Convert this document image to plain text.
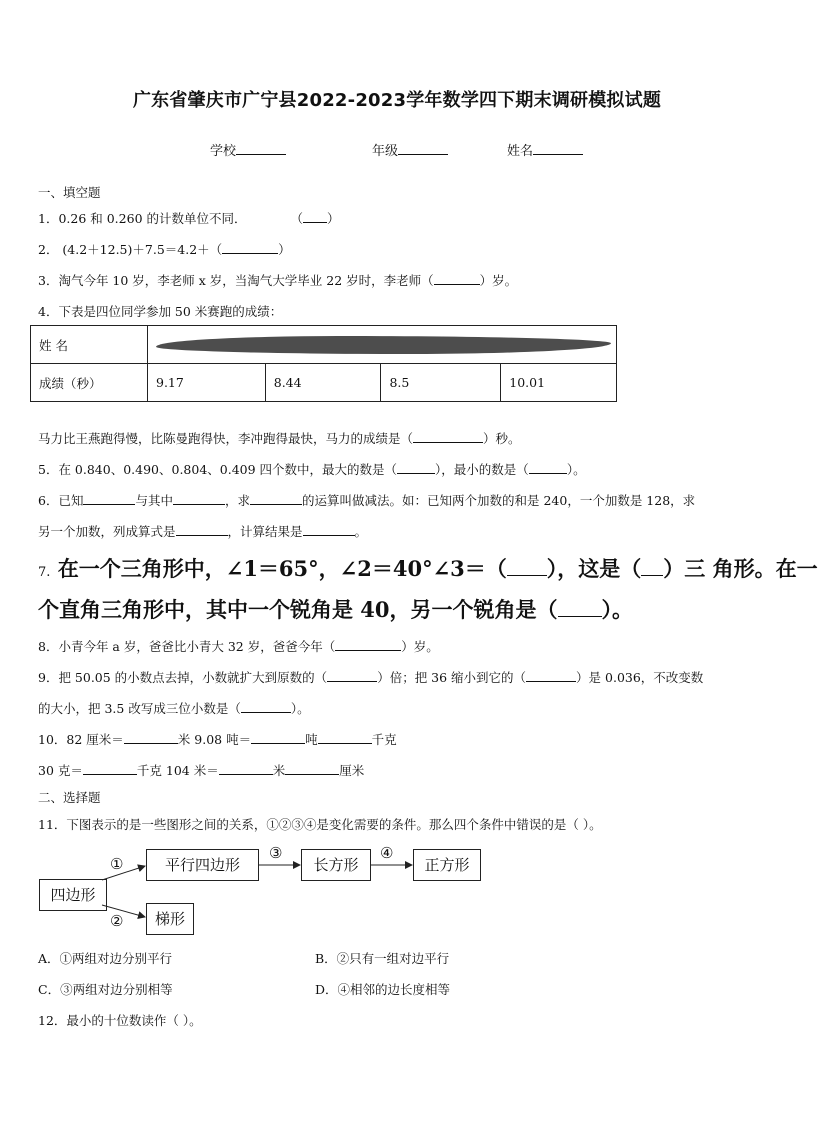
广东省肇庆市广宁县2022-2023学年数学四下期末调研模拟试题
学校	年级	姓名
一、填空题
1．0.26 和 0.260 的计数单位不同．	（ ）
2． (4.2＋12.5)＋7.5＝4.2＋（	）
3．淘气今年 10 岁，李老师 x 岁，当淘气大学毕业 22 岁时，李老师（	）岁。
4．下表是四位同学参加 50 米赛跑的成绩：
姓 名				

成绩（秒）	9.17	8.44	8.5	10.01
马力比王燕跑得慢，比陈曼跑得快，李冲跑得最快，马力的成绩是（	）秒。
5．在 0.840、0.490、0.804、0.409 四个数中，最大的数是（	），最小的数是（	）。
6．已知	与其中	，求	的运算叫做减法。如：已知两个加数的和是 240，一个加数是 128，求
另一个加数，列成算式是	，计算结果是	。
7. 在一个三角形中，∠1＝65°，∠2＝40°∠3＝（ ），这是（ ）三 角形。在一
个直角三角形中，其中一个锐角是 40，另一个锐角是（ ）。
8．小青今年 a 岁，爸爸比小青大 32 岁，爸爸今年（	）岁。
9．把 50.05 的小数点去掉，小数就扩大到原数的（	）倍；把 36 缩小到它的（	）是 0.036，不改变数
的大小，把 3.5 改写成三位小数是（	）。
10．82 厘米＝	米 9.08 吨＝	吨	千克
30 克＝	千克 104 米＝	米	厘米
二、选择题
11．下图表示的是一些图形之间的关系，①②③④是变化需要的条件。那么四个条件中错误的是（ ）。
四边形
平行四边形	长方形	正方形
梯形
①
②
③	④
A．①两组对边分别平行	B．②只有一组对边平行
C．③两组对边分别相等	D．④相邻的边长度相等
12．最小的十位数读作（ ）。
